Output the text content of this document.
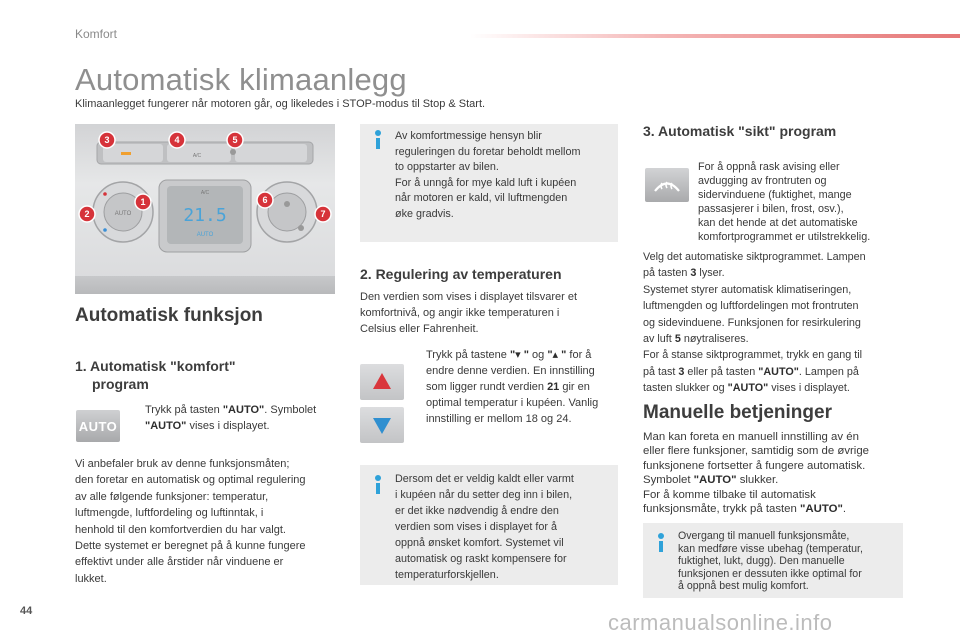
Komfort
Automatisk klimaanlegg
Klimaanlegget fungerer når motoren går, og likeledes i STOP-modus til Stop & Start.
A/C
21.5
AUTO
A/C
AUTO
3	4	5
2
1	6
7
Av komfortmessige hensyn blir
reguleringen du foretar beholdt mellom
to oppstarter av bilen.
For å unngå for mye kald luft i kupéen
når motoren er kald, vil luftmengden
øke gradvis.
Automatisk funksjon
1. Automatisk "komfort"
program
AUTO
Trykk på tasten "AUTO". Symbolet
"AUTO" vises i displayet.
Vi anbefaler bruk av denne funksjonsmåten;
den foretar en automatisk og optimal regulering
av alle følgende funksjoner: temperatur,
luftmengde, luftfordeling og luftinntak, i
henhold til den komfortverdien du har valgt.
Dette systemet er beregnet på å kunne fungere
effektivt under alle årstider når vinduene er
lukket.
2. Regulering av temperaturen
Den verdien som vises i displayet tilsvarer et
komfortnivå, og angir ikke temperaturen i
Celsius eller Fahrenheit.
Trykk på tastene "▾ " og "▴ " for å
endre denne verdien. En innstilling
som ligger rundt verdien 21 gir en
optimal temperatur i kupéen. Vanlig
innstilling er mellom 18 og 24.
Dersom det er veldig kaldt eller varmt
i kupéen når du setter deg inn i bilen,
er det ikke nødvendig å endre den
verdien som vises i displayet for å
oppnå ønsket komfort. Systemet vil
automatisk og raskt kompensere for
temperaturforskjellen.
3. Automatisk "sikt" program
For å oppnå rask avising eller
avdugging av frontruten og
sidervinduene (fuktighet, mange
passasjerer i bilen, frost, osv.),
kan det hende at det automatiske
komfortprogrammet er utilstrekkelig.
Velg det automatiske siktprogrammet. Lampen
på tasten 3 lyser.
Systemet styrer automatisk klimatiseringen,
luftmengden og luftfordelingen mot frontruten
og sidevinduene. Funksjonen for resirkulering
av luft 5 nøytraliseres.
For å stanse siktprogrammet, trykk en gang til
på tast 3 eller på tasten "AUTO". Lampen på
tasten slukker og "AUTO" vises i displayet.
Manuelle betjeninger
Man kan foreta en manuell innstilling av én
eller flere funksjoner, samtidig som de øvrige
funksjonene fortsetter å fungere automatisk.
Symbolet "AUTO" slukker.
For å komme tilbake til automatisk
funksjonsmåte, trykk på tasten "AUTO".
Overgang til manuell funksjonsmåte,
kan medføre visse ubehag (temperatur,
fuktighet, lukt, dugg). Den manuelle
funksjonen er dessuten ikke optimal for
å oppnå best mulig komfort.
44	carmanualsonline.info
